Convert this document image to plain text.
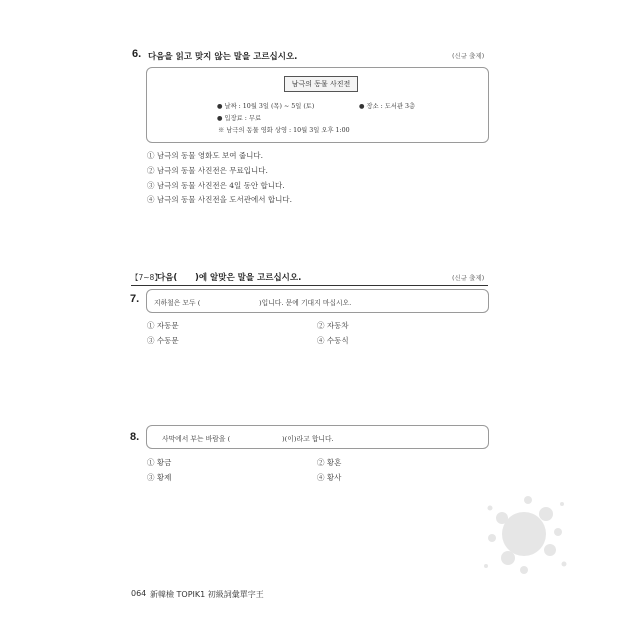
6. 다음을 읽고 맞지 않는 말을 고르십시오.	(신규 출제)
남극의 동물 사진전
● 날짜 : 10월 3일 (목) ~ 5일 (토)	● 장소 : 도서관 3층
● 입장료 : 무료
※ 남극의 동물 영화 상영 : 10월 3일 오후 1:00
① 남극의 동물 영화도 보여 줍니다.
② 남극의 동물 사진전은 무료입니다.
③ 남극의 동물 사진전은 4일 동안 합니다.
④ 남극의 동물 사진전을 도서관에서 합니다.
【7~8】
다음( )에 알맞은 말을 고르십시오.	(신규 출제)
7. 지하철은 모두 (	)입니다. 문에 기대지 마십시오.
① 자동문	② 자동차
③ 수동문	④ 수동식
8.	사막에서 부는 바람을 (	)(이)라고 합니다.
① 황금	② 황혼
③ 황제	④ 황사
064 新韓檢 TOPIK1 初級詞彙單字王
